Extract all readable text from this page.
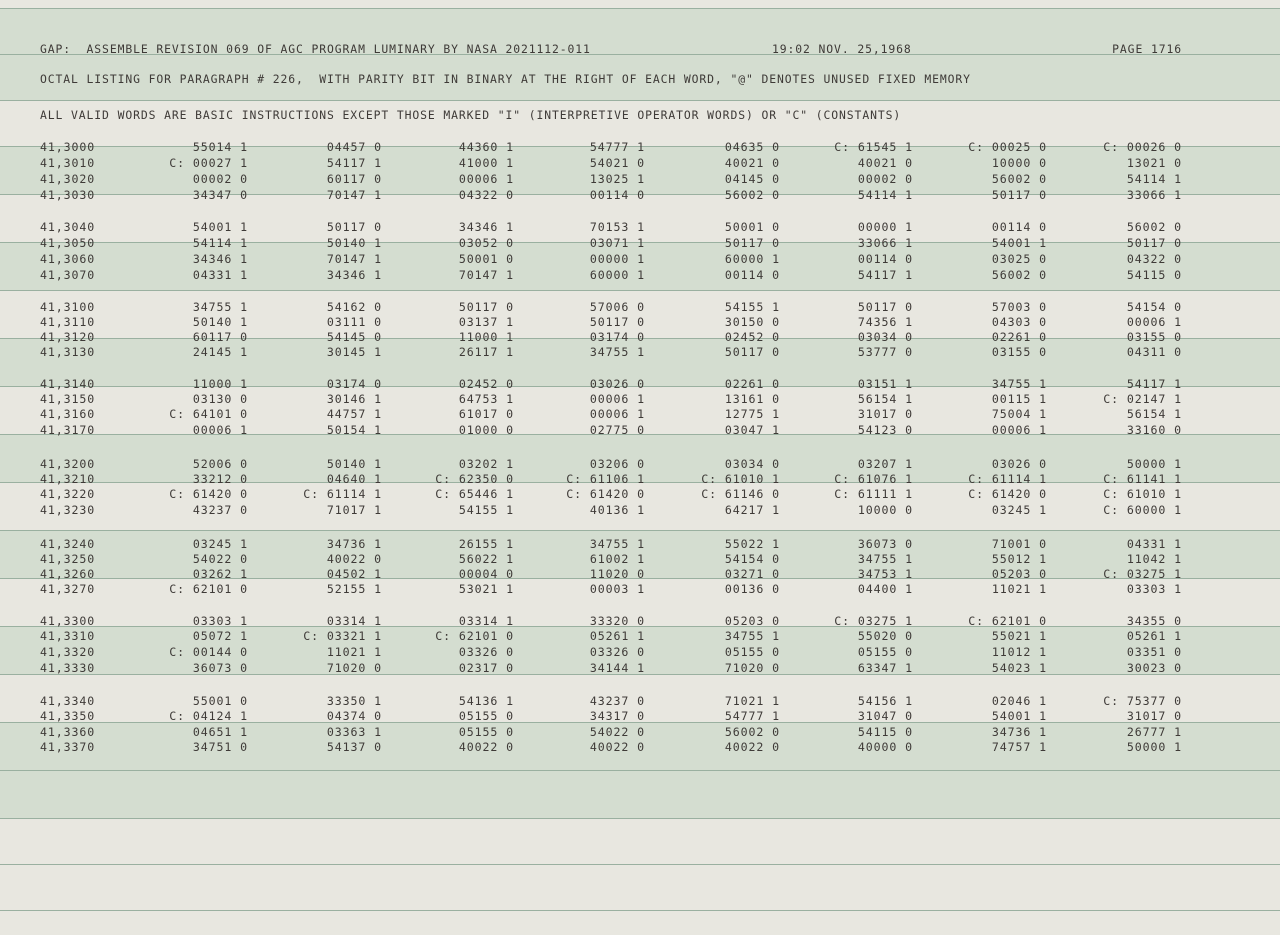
GAP:  ASSEMBLE REVISION 069 OF AGC PROGRAM LUMINARY BY NASA 2021112-011	19:02 NOV. 25,1968	PAGE 1716
OCTAL LISTING FOR PARAGRAPH # 226,  WITH PARITY BIT IN BINARY AT THE RIGHT OF EACH WORD, "@" DENOTES UNUSED FIXED MEMORY
ALL VALID WORDS ARE BASIC INSTRUCTIONS EXCEPT THOSE MARKED "I" (INTERPRETIVE OPERATOR WORDS) OR "C" (CONSTANTS)
41,3000	55014 1	04457 0	44360 1	54777 1	04635 0	C: 61545 1	C: 00025 0	C: 00026 0
41,3010	C: 00027 1	54117 1	41000 1	54021 0	40021 0	40021 0	10000 0	13021 0
41,3020	00002 0	60117 0	00006 1	13025 1	04145 0	00002 0	56002 0	54114 1
41,3030	34347 0	70147 1	04322 0	00114 0	56002 0	54114 1	50117 0	33066 1
41,3040	54001 1	50117 0	34346 1	70153 1	50001 0	00000 1	00114 0	56002 0
41,3050	54114 1	50140 1	03052 0	03071 1	50117 0	33066 1	54001 1	50117 0
41,3060	34346 1	70147 1	50001 0	00000 1	60000 1	00114 0	03025 0	04322 0
41,3070	04331 1	34346 1	70147 1	60000 1	00114 0	54117 1	56002 0	54115 0
41,3100	34755 1	54162 0	50117 0	57006 0	54155 1	50117 0	57003 0	54154 0
41,3110	50140 1	03111 0	03137 1	50117 0	30150 0	74356 1	04303 0	00006 1
41,3120	60117 0	54145 0	11000 1	03174 0	02452 0	03034 0	02261 0	03155 0
41,3130	24145 1	30145 1	26117 1	34755 1	50117 0	53777 0	03155 0	04311 0
41,3140	11000 1	03174 0	02452 0	03026 0	02261 0	03151 1	34755 1	54117 1
41,3150	03130 0	30146 1	64753 1	00006 1	13161 0	56154 1	00115 1	C: 02147 1
41,3160	C: 64101 0	44757 1	61017 0	00006 1	12775 1	31017 0	75004 1	56154 1
41,3170	00006 1	50154 1	01000 0	02775 0	03047 1	54123 0	00006 1	33160 0
41,3200	52006 0	50140 1	03202 1	03206 0	03034 0	03207 1	03026 0	50000 1
41,3210	33212 0	04640 1	C: 62350 0	C: 61106 1	C: 61010 1	C: 61076 1	C: 61114 1	C: 61141 1
41,3220	C: 61420 0	C: 61114 1	C: 65446 1	C: 61420 0	C: 61146 0	C: 61111 1	C: 61420 0	C: 61010 1
41,3230	43237 0	71017 1	54155 1	40136 1	64217 1	10000 0	03245 1	C: 60000 1
41,3240	03245 1	34736 1	26155 1	34755 1	55022 1	36073 0	71001 0	04331 1
41,3250	54022 0	40022 0	56022 1	61002 1	54154 0	34755 1	55012 1	11042 1
41,3260	03262 1	04502 1	00004 0	11020 0	03271 0	34753 1	05203 0	C: 03275 1
41,3270	C: 62101 0	52155 1	53021 1	00003 1	00136 0	04400 1	11021 1	03303 1
41,3300	03303 1	03314 1	03314 1	33320 0	05203 0	C: 03275 1	C: 62101 0	34355 0
41,3310	05072 1	C: 03321 1	C: 62101 0	05261 1	34755 1	55020 0	55021 1	05261 1
41,3320	C: 00144 0	11021 1	03326 0	03326 0	05155 0	05155 0	11012 1	03351 0
41,3330	36073 0	71020 0	02317 0	34144 1	71020 0	63347 1	54023 1	30023 0
41,3340	55001 0	33350 1	54136 1	43237 0	71021 1	54156 1	02046 1	C: 75377 0
41,3350	C: 04124 1	04374 0	05155 0	34317 0	54777 1	31047 0	54001 1	31017 0
41,3360	04651 1	03363 1	05155 0	54022 0	56002 0	54115 0	34736 1	26777 1
41,3370	34751 0	54137 0	40022 0	40022 0	40022 0	40000 0	74757 1	50000 1
